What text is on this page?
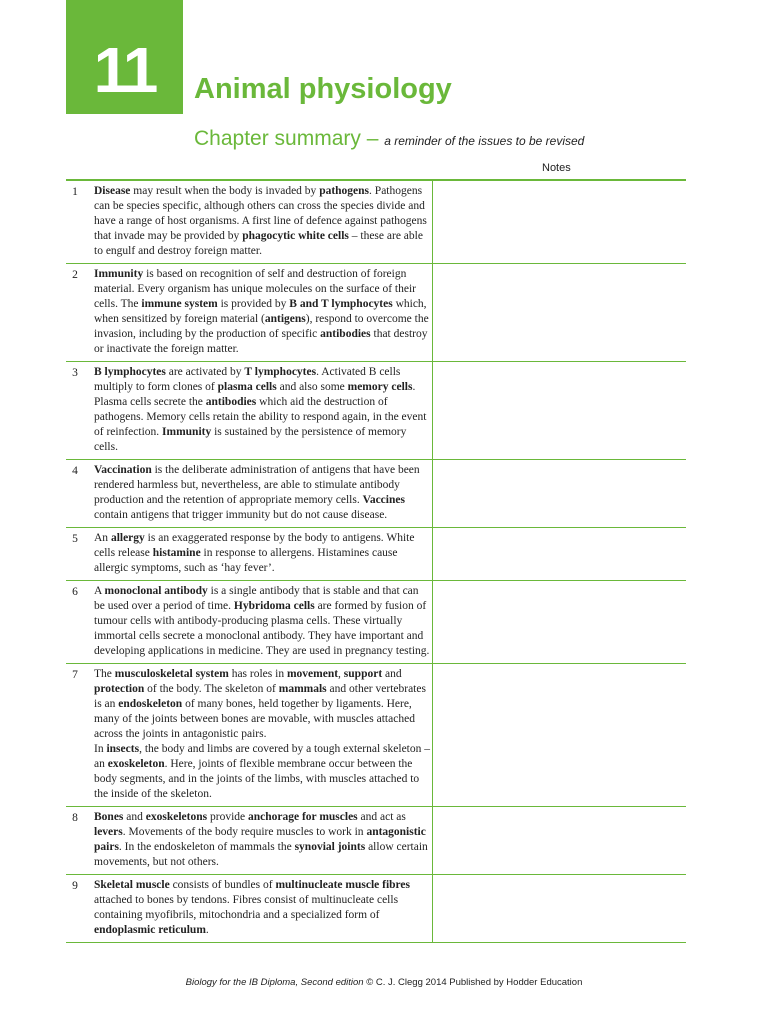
11	Animal physiology
Chapter summary – a reminder of the issues to be revised
Notes
1	Disease may result when the body is invaded by pathogens. Pathogens can be species specific, although others can cross the species divide and have a range of host organisms. A first line of defence against pathogens that invade may be provided by phagocytic white cells – these are able to engulf and destroy foreign matter.
2	Immunity is based on recognition of self and destruction of foreign material. Every organism has unique molecules on the surface of their cells. The immune system is provided by B and T lymphocytes which, when sensitized by foreign material (antigens), respond to overcome the invasion, including by the production of specific antibodies that destroy or inactivate the foreign matter.
3	B lymphocytes are activated by T lymphocytes. Activated B cells multiply to form clones of plasma cells and also some memory cells. Plasma cells secrete the antibodies which aid the destruction of pathogens. Memory cells retain the ability to respond again, in the event of reinfection. Immunity is sustained by the persistence of memory cells.
4	Vaccination is the deliberate administration of antigens that have been rendered harmless but, nevertheless, are able to stimulate antibody production and the retention of appropriate memory cells. Vaccines contain antigens that trigger immunity but do not cause disease.
5	An allergy is an exaggerated response by the body to antigens. White cells release histamine in response to allergens. Histamines cause allergic symptoms, such as ‘hay fever’.
6	A monoclonal antibody is a single antibody that is stable and that can be used over a period of time. Hybridoma cells are formed by fusion of tumour cells with antibody-producing plasma cells. These virtually immortal cells secrete a monoclonal antibody. They have important and developing applications in medicine. They are used in pregnancy testing.
7	The musculoskeletal system has roles in movement, support and protection of the body. The skeleton of mammals and other vertebrates is an endoskeleton of many bones, held together by ligaments. Here, many of the joints between bones are movable, with muscles attached across the joints in antagonistic pairs.
In insects, the body and limbs are covered by a tough external skeleton – an exoskeleton. Here, joints of flexible membrane occur between the body segments, and in the joints of the limbs, with muscles attached to the inside of the skeleton.
8	Bones and exoskeletons provide anchorage for muscles and act as levers. Movements of the body require muscles to work in antagonistic pairs. In the endoskeleton of mammals the synovial joints allow certain movements, but not others.
9	Skeletal muscle consists of bundles of multinucleate muscle fibres attached to bones by tendons. Fibres consist of multinucleate cells containing myofibrils, mitochondria and a specialized form of endoplasmic reticulum.
Biology for the IB Diploma, Second edition © C. J. Clegg 2014 Published by Hodder Education
